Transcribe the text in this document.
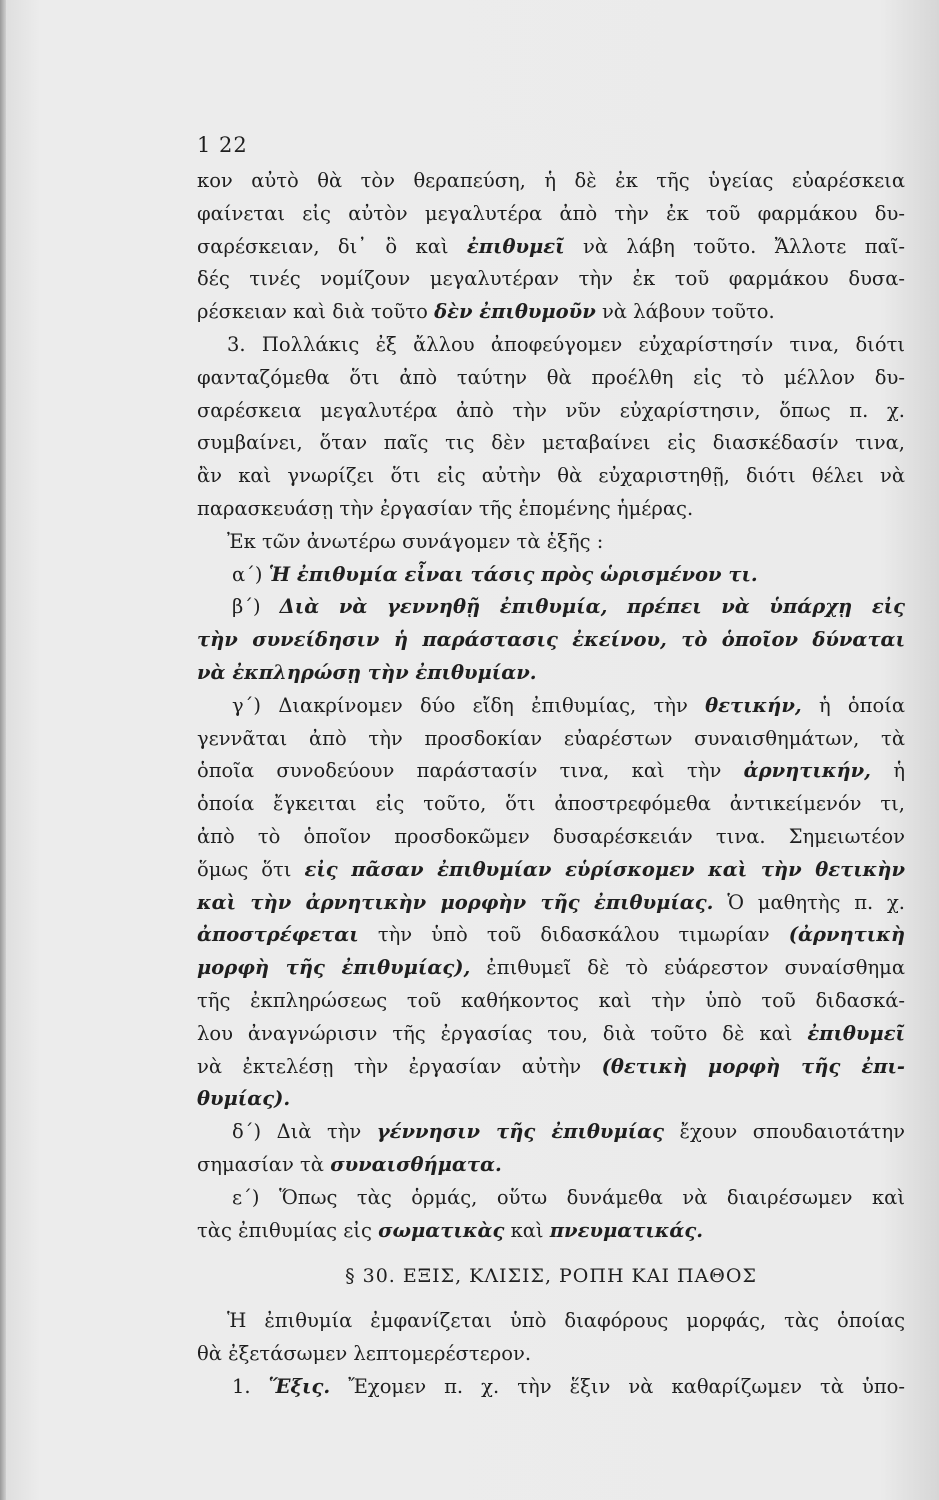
1 22
κον αὐτὸ θὰ τὸν θεραπεύση, ἡ δὲ ἐκ τῆς ὑγείας εὐαρέσκεια
φαίνεται εἰς αὐτὸν μεγαλυτέρα ἀπὸ τὴν ἐκ τοῦ φαρμάκου δυ-
σαρέσκειαν, δι᾽ ὃ καὶ ἐπιθυμεῖ νὰ λάβη τοῦτο. Ἄλλοτε παῖ-
δές τινές νομίζουν μεγαλυτέραν τὴν ἐκ τοῦ φαρμάκου δυσα-
ρέσκειαν καὶ διὰ τοῦτο δὲν ἐπιθυμοῦν νὰ λάβουν τοῦτο.
3. Πολλάκις ἐξ ἄλλου ἀποφεύγομεν εὐχαρίστησίν τινα, διότι
φανταζόμεθα ὅτι ἀπὸ ταύτην θὰ προέλθη εἰς τὸ μέλλον δυ-
σαρέσκεια μεγαλυτέρα ἀπὸ τὴν νῦν εὐχαρίστησιν, ὅπως π. χ.
συμβαίνει, ὅταν παῖς τις δὲν μεταβαίνει εἰς διασκέδασίν τινα,
ἂν καὶ γνωρίζει ὅτι εἰς αὐτὴν θὰ εὐχαριστηθῇ, διότι θέλει νὰ
παρασκευάσῃ τὴν ἐργασίαν τῆς ἑπομένης ἡμέρας.
Ἐκ τῶν ἀνωτέρω συνάγομεν τὰ ἑξῆς :
α΄) Ἡ ἐπιθυμία εἶναι τάσις πρὸς ὡρισμένον τι.
β΄) Διὰ νὰ γεννηθῇ ἐπιθυμία, πρέπει νὰ ὑπάρχῃ εἰς
τὴν συνείδησιν ἡ παράστασις ἐκείνου, τὸ ὁποῖον δύναται
νὰ ἐκπληρώσῃ τὴν ἐπιθυμίαν.
γ΄) Διακρίνομεν δύο εἴδη ἐπιθυμίας, τὴν θετικήν, ἡ ὁποία
γεννᾶται ἀπὸ τὴν προσδοκίαν εὐαρέστων συναισθημάτων, τὰ
ὁποῖα συνοδεύουν παράστασίν τινα, καὶ τὴν ἀρνητικήν, ἡ
ὁποία ἔγκειται εἰς τοῦτο, ὅτι ἀποστρεφόμεθα ἀντικείμενόν τι,
ἀπὸ τὸ ὁποῖον προσδοκῶμεν δυσαρέσκειάν τινα. Σημειωτέον
ὅμως ὅτι εἰς πᾶσαν ἐπιθυμίαν εὑρίσκομεν καὶ τὴν θετικὴν
καὶ τὴν ἀρνητικὴν μορφὴν τῆς ἐπιθυμίας. Ὁ μαθητὴς π. χ.
ἀποστρέφεται τὴν ὑπὸ τοῦ διδασκάλου τιμωρίαν (ἀρνητικὴ
μορφὴ τῆς ἐπιθυμίας), ἐπιθυμεῖ δὲ τὸ εὐάρεστον συναίσθημα
τῆς ἐκπληρώσεως τοῦ καθήκοντος καὶ τὴν ὑπὸ τοῦ διδασκά-
λου ἀναγνώρισιν τῆς ἐργασίας του, διὰ τοῦτο δὲ καὶ ἐπιθυμεῖ
νὰ ἐκτελέσῃ τὴν ἐργασίαν αὐτὴν (θετικὴ μορφὴ τῆς ἐπι-
θυμίας).
δ΄) Διὰ τὴν γέννησιν τῆς ἐπιθυμίας ἔχουν σπουδαιοτάτην
σημασίαν τὰ συναισθήματα.
ε΄) Ὅπως τὰς ὁρμάς, οὕτω δυνάμεθα νὰ διαιρέσωμεν καὶ
τὰς ἐπιθυμίας εἰς σωματικὰς καὶ πνευματικάς.
§ 30. ΕΞΙΣ, ΚΛΙΣΙΣ, ΡΟΠΗ ΚΑΙ ΠΑΘΟΣ
Ἡ ἐπιθυμία ἐμφανίζεται ὑπὸ διαφόρους μορφάς, τὰς ὁποίας
θὰ ἐξετάσωμεν λεπτομερέστερον.
1. Ἕξις. Ἔχομεν π. χ. τὴν ἕξιν νὰ καθαρίζωμεν τὰ ὑπο-
